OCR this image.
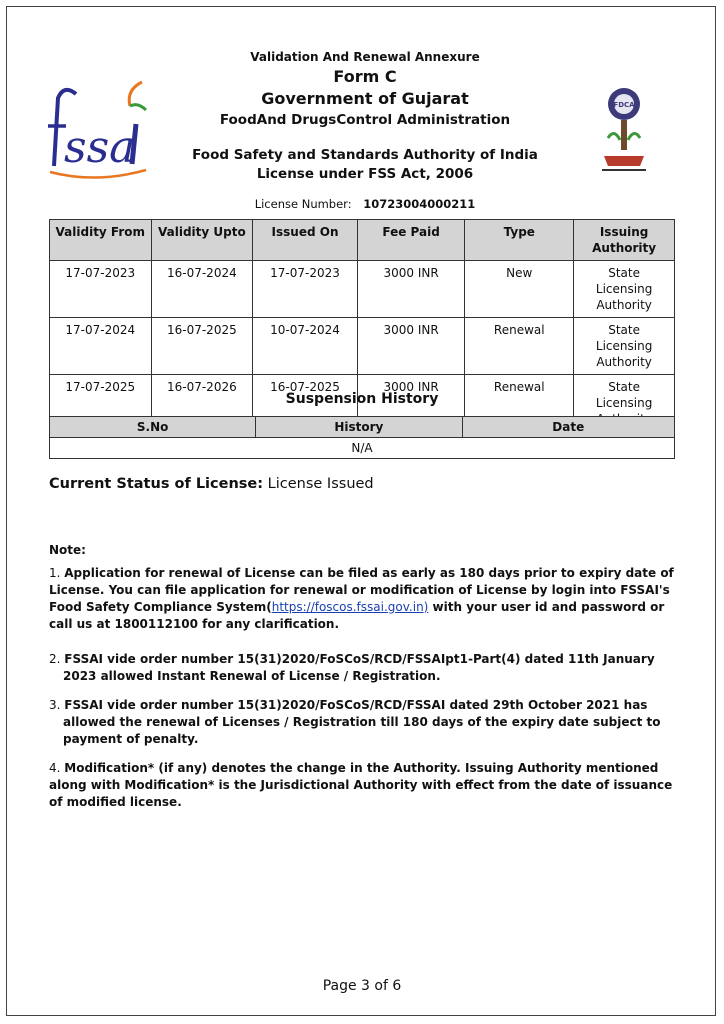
ssa
FDCA
Validation And Renewal Annexure
Form C
Government of Gujarat
FoodAnd DrugsControl Administration
Food Safety and Standards Authority of India
License under FSS Act, 2006
License Number: 10723004000211
Validity From	Validity Upto	Issued On	Fee Paid	Type	Issuing Authority
17-07-2023	16-07-2024	17-07-2023	3000 INR	New	State Licensing Authority
17-07-2024	16-07-2025	10-07-2024	3000 INR	Renewal	State Licensing Authority
17-07-2025	16-07-2026	16-07-2025	3000 INR	Renewal	State Licensing
Suspension History
S.No	History	Date
N/A
Current Status of License: License Issued
Note:

1. Application for renewal of License can be filed as early as 180 days prior to expiry date of License. You can file application for renewal or modification of License by login into FSSAI's Food Safety Compliance System(https://foscos.fssai.gov.in) with your user id and password or call us at 1800112100 for any clarification.

2. FSSAI vide order number 15(31)2020/FoSCoS/RCD/FSSAIpt1-Part(4) dated 11th January 2023 allowed Instant Renewal of License / Registration.

3. FSSAI vide order number 15(31)2020/FoSCoS/RCD/FSSAI dated 29th October 2021 has allowed the renewal of Licenses / Registration till 180 days of the expiry date subject to payment of penalty.

4. Modification* (if any) denotes the change in the Authority. Issuing Authority mentioned along with Modification* is the Jurisdictional Authority with effect from the date of issuance of modified license.

Page 3 of 6
